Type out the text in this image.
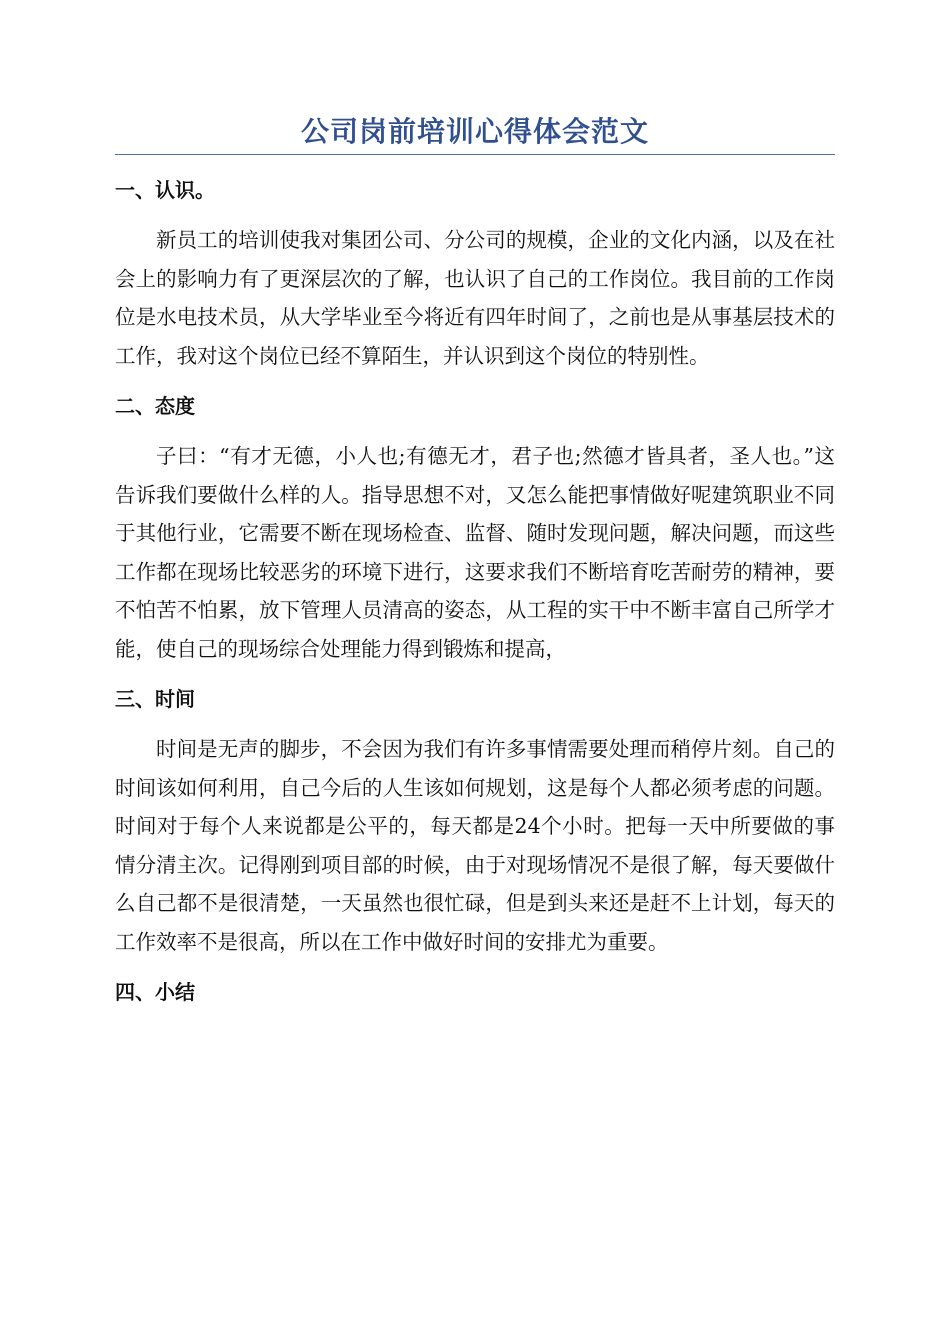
公司岗前培训心得体会范文
一、认识。

新员工的培训使我对集团公司、分公司的规模，企业的文化内涵，以及在社会上的影响力有了更深层次的了解，也认识了自己的工作岗位。我目前的工作岗位是水电技术员，从大学毕业至今将近有四年时间了，之前也是从事基层技术的工作，我对这个岗位已经不算陌生，并认识到这个岗位的特别性。

二、态度

子曰：“有才无德，小人也;有德无才，君子也;然德才皆具者，圣人也。”这告诉我们要做什么样的人。指导思想不对，又怎么能把事情做好呢建筑职业不同于其他行业，它需要不断在现场检查、监督、随时发现问题，解决问题，而这些工作都在现场比较恶劣的环境下进行，这要求我们不断培育吃苦耐劳的精神，要不怕苦不怕累，放下管理人员清高的姿态，从工程的实干中不断丰富自己所学才能，使自己的现场综合处理能力得到锻炼和提高，

三、时间

时间是无声的脚步，不会因为我们有许多事情需要处理而稍停片刻。自己的时间该如何利用，自己今后的人生该如何规划，这是每个人都必须考虑的问题。时间对于每个人来说都是公平的，每天都是24个小时。把每一天中所要做的事情分清主次。记得刚到项目部的时候，由于对现场情况不是很了解，每天要做什么自己都不是很清楚，一天虽然也很忙碌，但是到头来还是赶不上计划，每天的工作效率不是很高，所以在工作中做好时间的安排尤为重要。

四、小结
